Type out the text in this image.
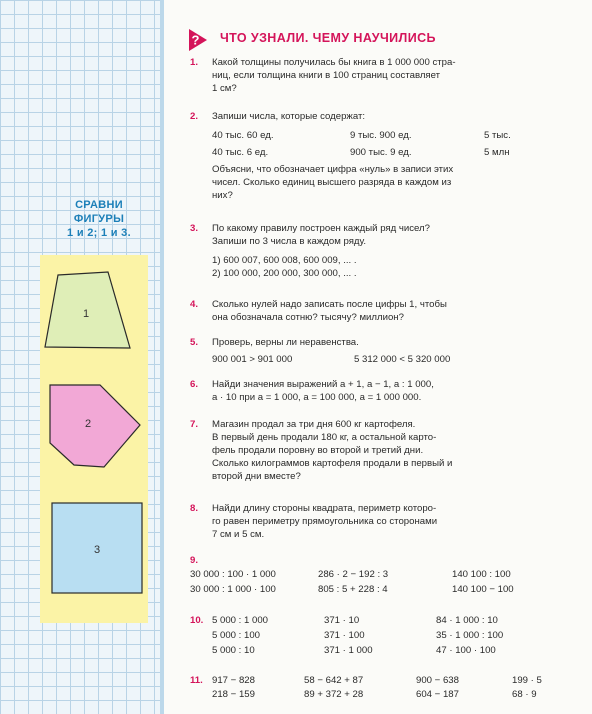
СРАВНИ
ФИГУРЫ
1 и 2; 1 и 3.
1
2
3
? ЧТО УЗНАЛИ. ЧЕМУ НАУЧИЛИСЬ
1. Какой толщины получилась бы книга в 1 000 000 стра-
ниц, если толщина книги в 100 страниц составляет
1 см?
2. Запиши числа, которые содержат:
40 тыс. 60 ед.	9 тыс. 900 ед.	5 тыс.
40 тыс. 6 ед.	900 тыс. 9 ед.	5 млн
Объясни, что обозначает цифра «нуль» в записи этих
чисел. Сколько единиц высшего разряда в каждом из
них?
3. По какому правилу построен каждый ряд чисел?
Запиши по 3 числа в каждом ряду.
1) 600 007, 600 008, 600 009, ... .
2) 100 000, 200 000, 300 000, ... .
4. Сколько нулей надо записать после цифры 1, чтобы
она обозначала сотню? тысячу? миллион?
5. Проверь, верны ли неравенства.
900 001 > 901 000	5 312 000 < 5 320 000
6. Найди значения выражений a + 1, a − 1, a : 1 000,
a · 10 при a = 1 000, a = 100 000, a = 1 000 000.
7. Магазин продал за три дня 600 кг картофеля.
В первый день продали 180 кг, а остальной карто-
фель продали поровну во второй и третий дни.
Сколько килограммов картофеля продали в первый и
второй дни вместе?
8. Найди длину стороны квадрата, периметр которо-
го равен периметру прямоугольника со сторонами
7 см и 5 см.
9.
30 000 : 100 · 1 000	286 · 2 − 192 : 3	140 100 : 100
30 000 : 1 000 · 100	805 : 5 + 228 : 4	140 100 − 100
10. 5 000 : 1 000	371 · 10	84 · 1 000 : 10
5 000 : 100	371 · 100	35 · 1 000 : 100
5 000 : 10	371 · 1 000	47 · 100 · 100
11. 917 − 828	58 − 642 + 87	900 − 638	199 · 5
218 − 159	89 + 372 + 28	604 − 187	68 · 9
